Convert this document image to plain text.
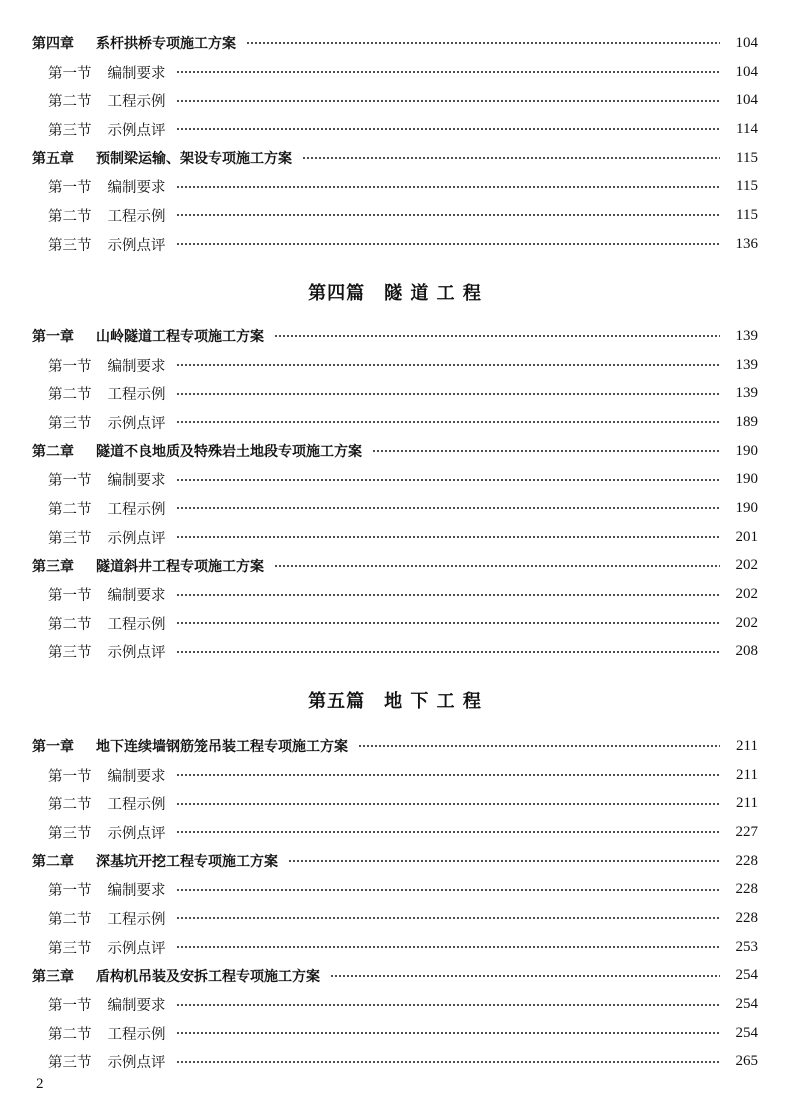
第四章 系杆拱桥专项施工方案	104
第一节 编制要求	104
第二节 工程示例	104
第三节 示例点评	114
第五章 预制梁运输、架设专项施工方案	115
第一节 编制要求	115
第二节 工程示例	115
第三节 示例点评	136
第四篇　隧 道 工 程
第一章 山岭隧道工程专项施工方案	139
第一节 编制要求	139
第二节 工程示例	139
第三节 示例点评	189
第二章 隧道不良地质及特殊岩土地段专项施工方案	190
第一节 编制要求	190
第二节 工程示例	190
第三节 示例点评	201
第三章 隧道斜井工程专项施工方案	202
第一节 编制要求	202
第二节 工程示例	202
第三节 示例点评	208
第五篇　地 下 工 程
第一章 地下连续墙钢筋笼吊装工程专项施工方案	211
第一节 编制要求	211
第二节 工程示例	211
第三节 示例点评	227
第二章 深基坑开挖工程专项施工方案	228
第一节 编制要求	228
第二节 工程示例	228
第三节 示例点评	253
第三章 盾构机吊装及安拆工程专项施工方案	254
第一节 编制要求	254
第二节 工程示例	254
第三节 示例点评	265
2
